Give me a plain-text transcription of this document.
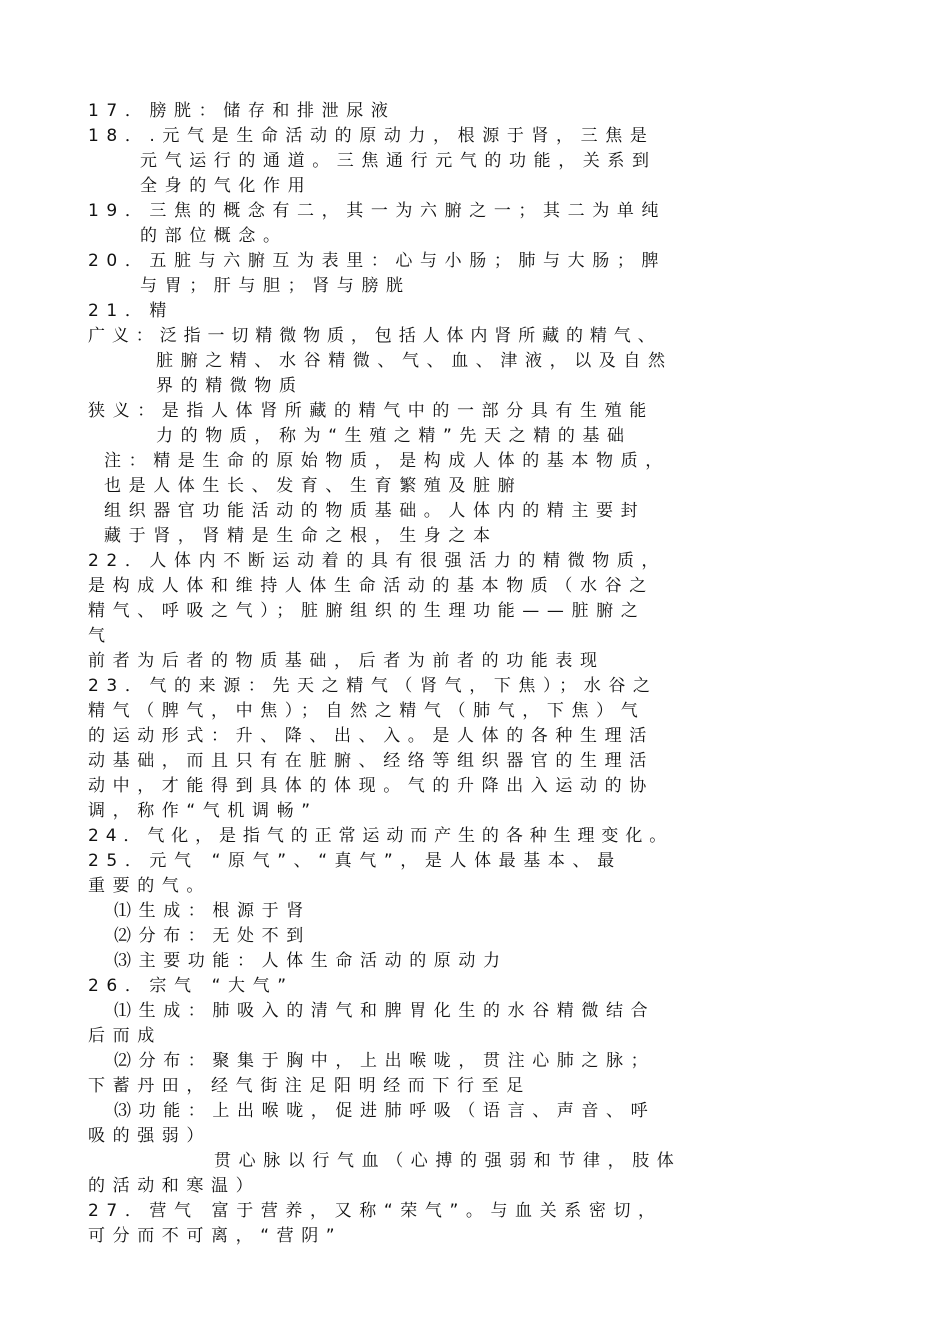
17．膀胱：储存和排泄尿液
18．.元气是生命活动的原动力，根源于肾，三焦是
元气运行的通道。三焦通行元气的功能，关系到
全身的气化作用
19．三焦的概念有二，其一为六腑之一；其二为单纯
的部位概念。
20．五脏与六腑互为表里：心与小肠；肺与大肠；脾
与胃；肝与胆；肾与膀胱
21．精
广义：泛指一切精微物质，包括人体内肾所藏的精气、
脏腑之精、水谷精微、气、血、津液，以及自然
界的精微物质
狭义：是指人体肾所藏的精气中的一部分具有生殖能
力的物质，称为“生殖之精”先天之精的基础
注：精是生命的原始物质，是构成人体的基本物质，
也是人体生长、发育、生育繁殖及脏腑
组织器官功能活动的物质基础。人体内的精主要封
藏于肾，肾精是生命之根，生身之本
22．人体内不断运动着的具有很强活力的精微物质，
是构成人体和维持人体生命活动的基本物质（水谷之
精气、呼吸之气）；脏腑组织的生理功能——脏腑之
气
前者为后者的物质基础，后者为前者的功能表现
23．气的来源：先天之精气（肾气，下焦）；水谷之
精气（脾气，中焦）；自然之精气（肺气，下焦）气
的运动形式：升、降、出、入。是人体的各种生理活
动基础，而且只有在脏腑、经络等组织器官的生理活
动中，才能得到具体的体现。气的升降出入运动的协
调，称作“气机调畅”
24．气化，是指气的正常运动而产生的各种生理变化。
25．元气 “原气”、“真气”，是人体最基本、最
重要的气。
⑴生成：根源于肾
⑵分布：无处不到
⑶主要功能：人体生命活动的原动力
26．宗气 “大气”
⑴生成：肺吸入的清气和脾胃化生的水谷精微结合
后而成
⑵分布：聚集于胸中，上出喉咙，贯注心肺之脉；
下蓄丹田，经气街注足阳明经而下行至足
⑶功能：上出喉咙，促进肺呼吸（语言、声音、呼
吸的强弱）
贯心脉以行气血（心搏的强弱和节律，肢体
的活动和寒温）
27．营气 富于营养，又称“荣气”。与血关系密切，
可分而不可离，“营阴”
